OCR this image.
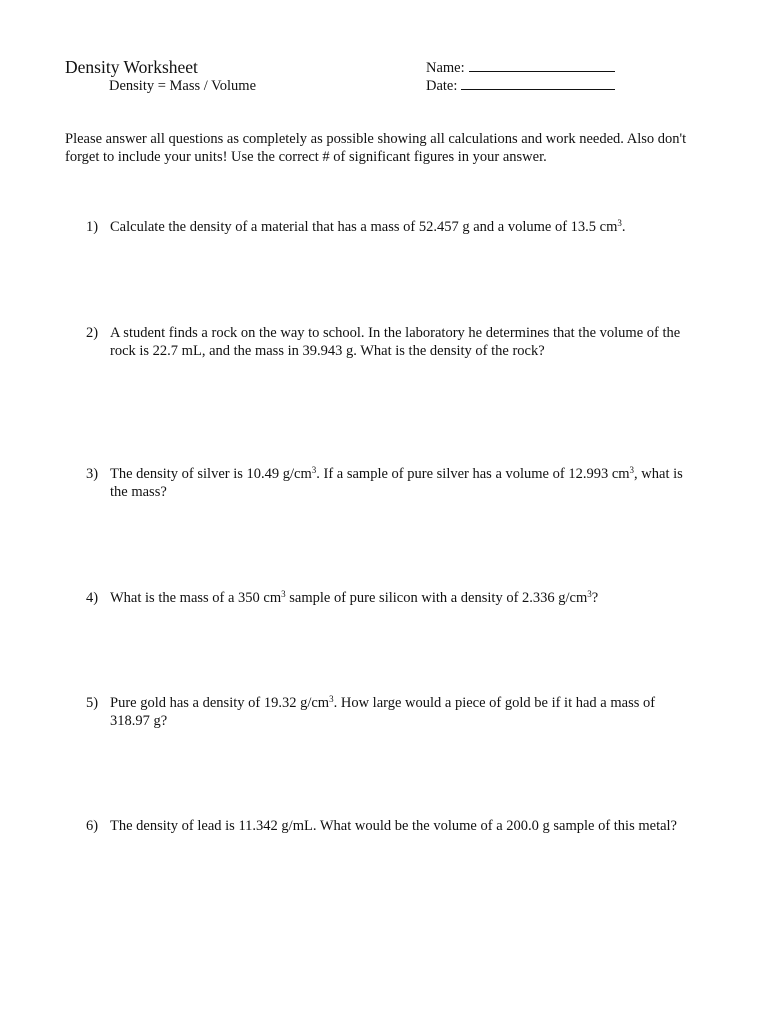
Density Worksheet
Density = Mass / Volume
Name:
Date:
Please answer all questions as completely as possible showing all calculations and work needed. Also don't forget to include your units! Use the correct # of significant figures in your answer.
1) Calculate the density of a material that has a mass of 52.457 g and a volume of 13.5 $cm^3$.
2) A student finds a rock on the way to school. In the laboratory he determines that the volume of the rock is 22.7 mL, and the mass in 39.943 g. What is the density of the rock?
3) The density of silver is 10.49 $g/cm^3$. If a sample of pure silver has a volume of 12.993 $cm^3$, what is the mass?
4) What is the mass of a 350 $cm^3$ sample of pure silicon with a density of 2.336 $g/cm^3$?
5) Pure gold has a density of 19.32 $g/cm^3$. How large would a piece of gold be if it had a mass of 318.97 g?
6) The density of lead is 11.342 g/mL. What would be the volume of a 200.0 g sample of this metal?
